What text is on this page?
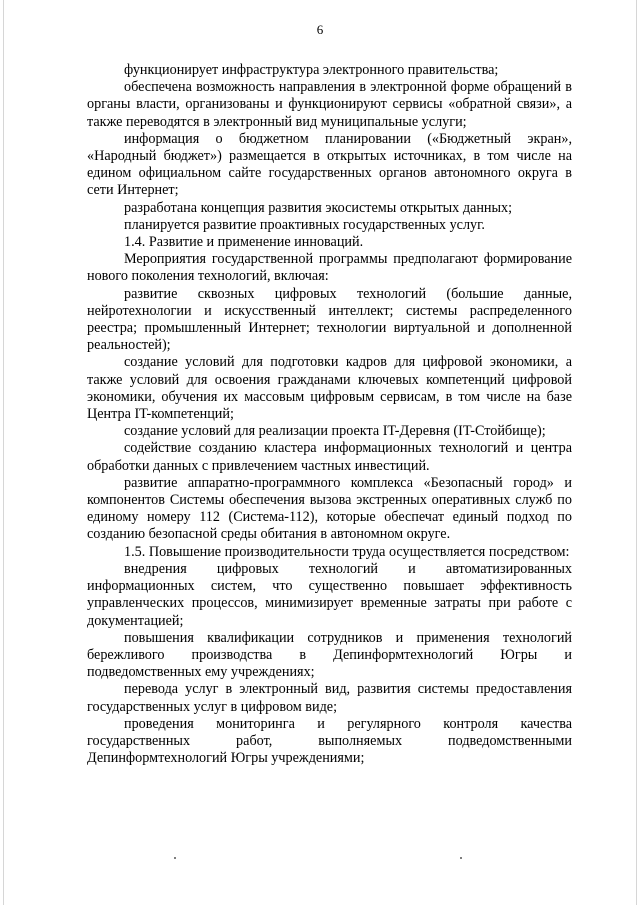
6

функционирует инфраструктура электронного правительства;

обеспечена возможность направления в электронной форме обращений в органы власти, организованы и функционируют сервисы «обратной связи», а также переводятся в электронный вид муниципальные услуги;

информация о бюджетном планировании («Бюджетный экран», «Народный бюджет») размещается в открытых источниках, в том числе на едином официальном сайте государственных органов автономного округа в сети Интернет;

разработана концепция развития экосистемы открытых данных;

планируется развитие проактивных государственных услуг.

1.4. Развитие и применение инноваций.

Мероприятия государственной программы предполагают формирование нового поколения технологий, включая:

развитие сквозных цифровых технологий (большие данные, нейротехнологии и искусственный интеллект; системы распределенного реестра; промышленный Интернет; технологии виртуальной и дополненной реальностей);

создание условий для подготовки кадров для цифровой экономики, а также условий для освоения гражданами ключевых компетенций цифровой экономики, обучения их массовым цифровым сервисам, в том числе на базе Центра IT-компетенций;

создание условий для реализации проекта IT-Деревня (IT-Стойбище);

содействие созданию кластера информационных технологий и центра обработки данных с привлечением частных инвестиций.

развитие аппаратно-программного комплекса «Безопасный город» и компонентов Системы обеспечения вызова экстренных оперативных служб по единому номеру 112 (Система-112), которые обеспечат единый подход по созданию безопасной среды обитания в автономном округе.

1.5. Повышение производительности труда осуществляется посредством:

внедрения цифровых технологий и автоматизированных информационных систем, что существенно повышает эффективность управленческих процессов, минимизирует временные затраты при работе с документацией;

повышения квалификации сотрудников и применения технологий бережливого производства в Депинформтехнологий Югры и подведомственных ему учреждениях;

перевода услуг в электронный вид, развития системы предоставления государственных услуг в цифровом виде;

проведения мониторинга и регулярного контроля качества государственных работ, выполняемых подведомственными Депинформтехнологий Югры учреждениями;
